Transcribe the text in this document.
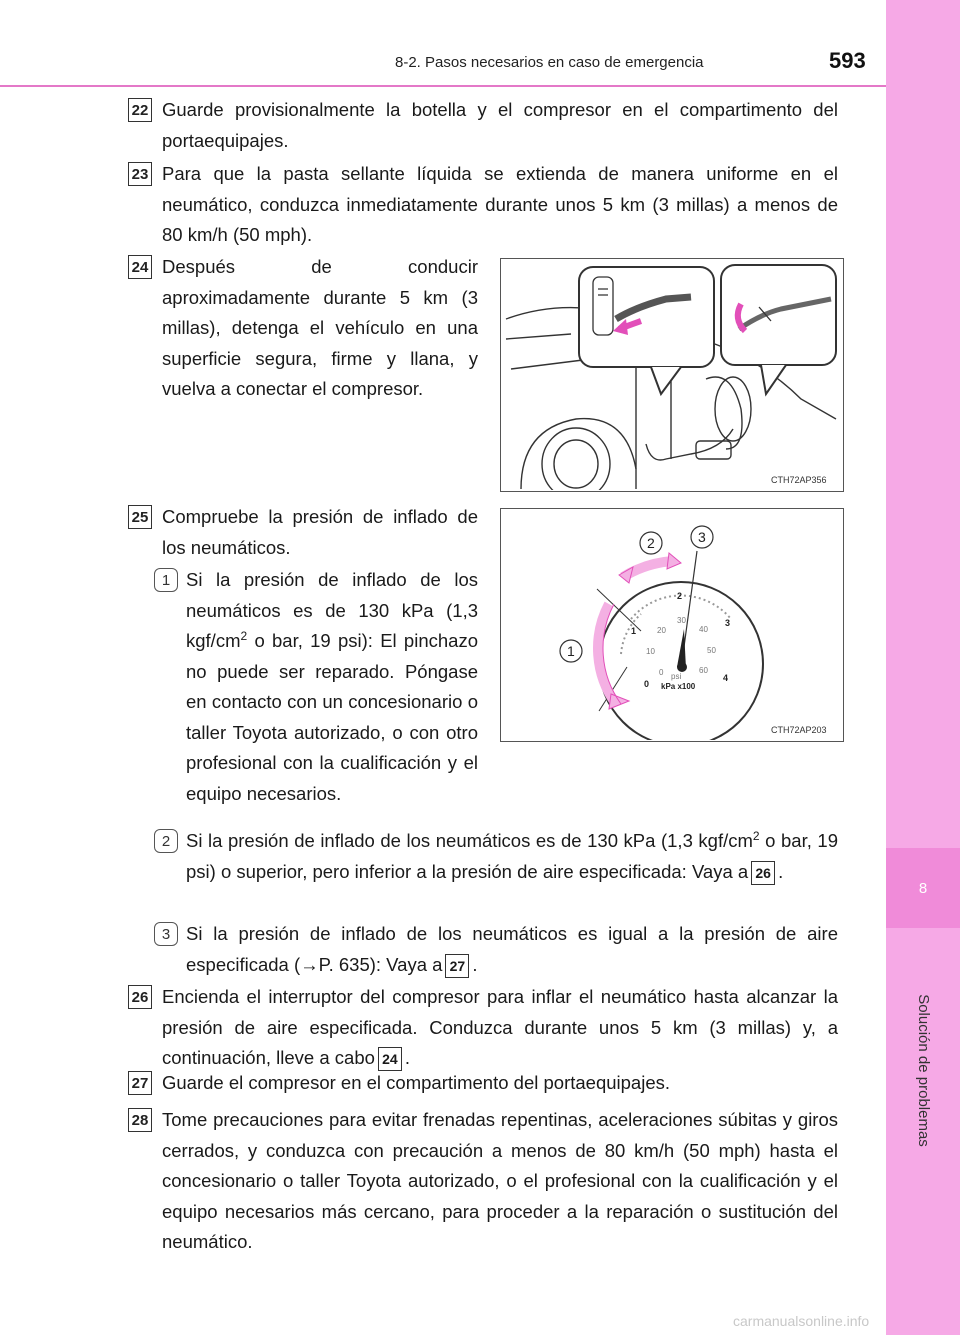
8
Solución de problemas
8-2. Pasos necesarios en caso de emergencia	593
22 Guarde provisionalmente la botella y el compresor en el compartimento del portaequipajes.
23 Para que la pasta sellante líquida se extienda de manera uniforme en el neumático, conduzca inmediatamente durante unos 5 km (3 millas) a menos de 80 km/h (50 mph).
24 Después de conducir aproximadamente durante 5 km (3 millas), detenga el vehículo en una superficie segura, firme y llana, y vuelva a conectar el compresor.
CTH72AP356
25 Compruebe la presión de inflado de los neumáticos.
0
1
2
3
4
0
10
20
30
40
50
60
psi
kPa x100
1
2	3
CTH72AP203
1 Si la presión de inflado de los neumáticos es de 130 kPa (1,3 kgf/$cm^2$ o bar, 19 psi): El pinchazo no puede ser reparado. Póngase en contacto con un concesionario o taller Toyota autorizado, o con otro profesional con la cualificación y el equipo necesarios.
2 Si la presión de inflado de los neumáticos es de 130 kPa (1,3 kgf/$cm^2$ o bar, 19 psi) o superior, pero inferior a la presión de aire especificada: Vaya a 26 .
3 Si la presión de inflado de los neumáticos es igual a la presión de aire especificada (→P. 635): Vaya a 27 .
26 Encienda el interruptor del compresor para inflar el neumático hasta alcanzar la presión de aire especificada. Conduzca durante unos 5 km (3 millas) y, a continuación, lleve a cabo 24 .
27 Guarde el compresor en el compartimento del portaequipajes.
28 Tome precauciones para evitar frenadas repentinas, aceleraciones súbitas y giros cerrados, y conduzca con precaución a menos de 80 km/h (50 mph) hasta el concesionario o taller Toyota autorizado, o el profesional con la cualificación y el equipo necesarios más cercano, para proceder a la reparación o sustitución del neumático.
carmanualsonline.info
